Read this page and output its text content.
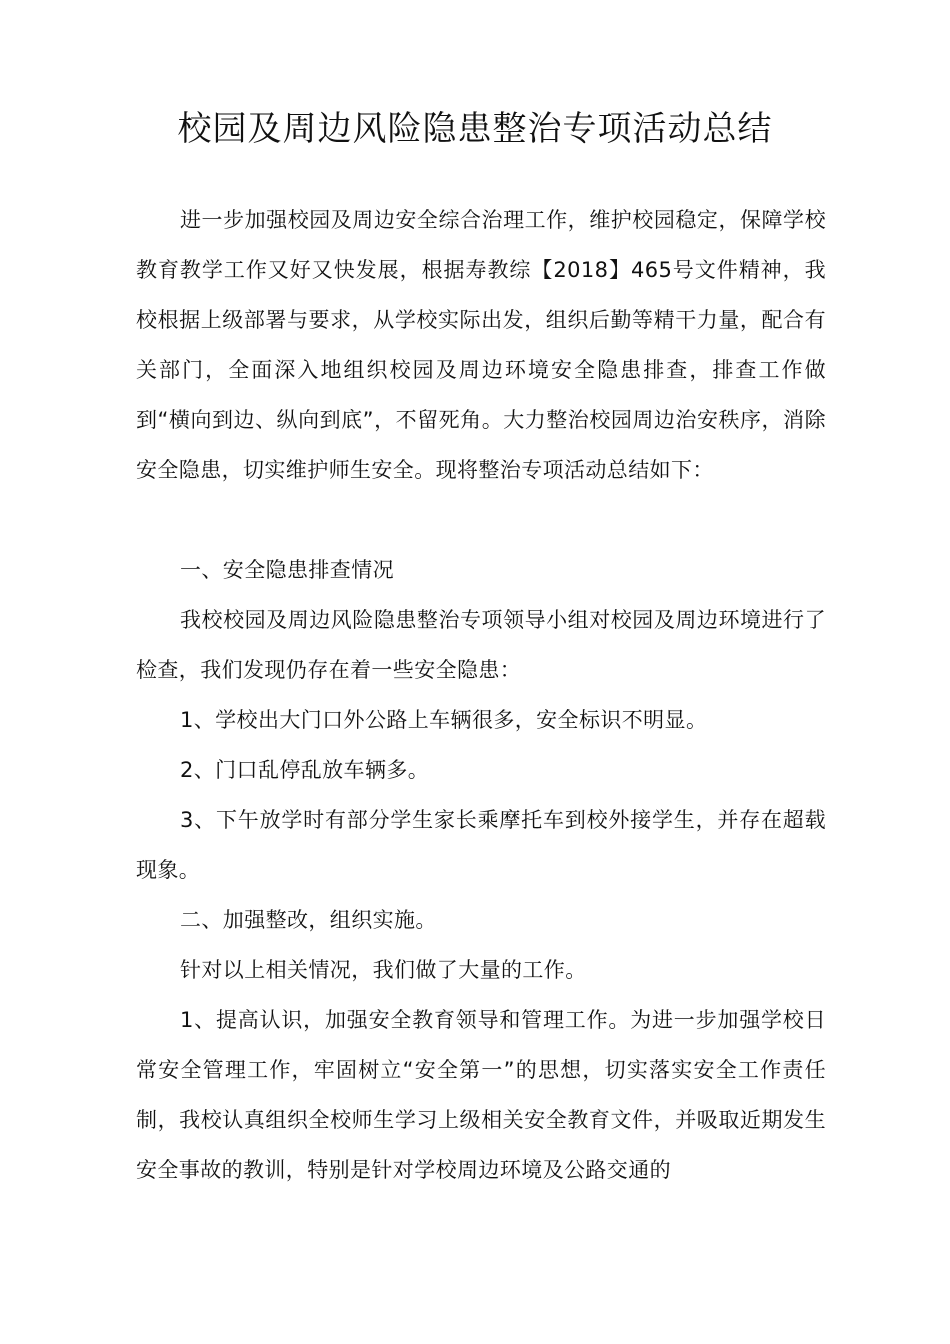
校园及周边风险隐患整治专项活动总结

进一步加强校园及周边安全综合治理工作，维护校园稳定，保障学校教育教学工作又好又快发展，根据寿教综【2018】465号文件精神，我校根据上级部署与要求，从学校实际出发，组织后勤等精干力量，配合有关部门，全面深入地组织校园及周边环境安全隐患排查，排查工作做到“横向到边、纵向到底”，不留死角。大力整治校园周边治安秩序，消除安全隐患，切实维护师生安全。现将整治专项活动总结如下：

一、安全隐患排查情况

我校校园及周边风险隐患整治专项领导小组对校园及周边环境进行了检查，我们发现仍存在着一些安全隐患：

1、学校出大门口外公路上车辆很多，安全标识不明显。

2、门口乱停乱放车辆多。

3、下午放学时有部分学生家长乘摩托车到校外接学生，并存在超载现象。

二、加强整改，组织实施。

针对以上相关情况，我们做了大量的工作。

1、提高认识，加强安全教育领导和管理工作。为进一步加强学校日常安全管理工作，牢固树立“安全第一”的思想，切实落实安全工作责任制，我校认真组织全校师生学习上级相关安全教育文件，并吸取近期发生安全事故的教训，特别是针对学校周边环境及公路交通的
